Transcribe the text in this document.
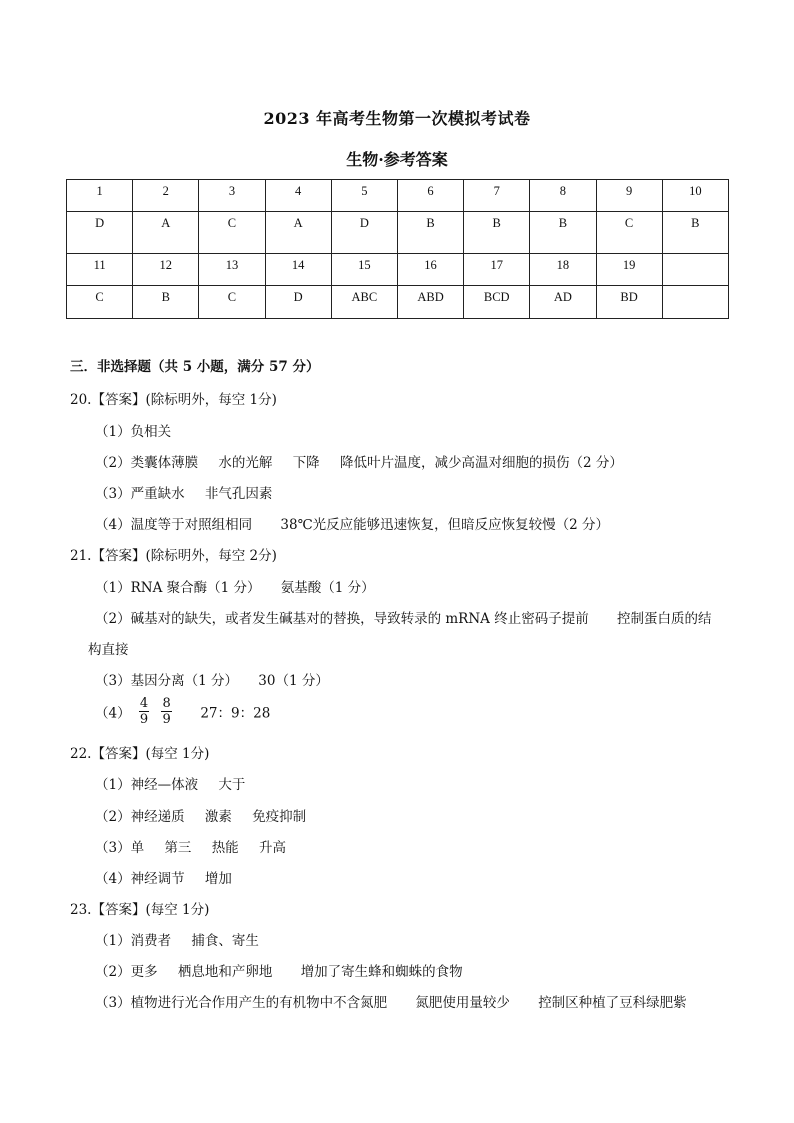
2023 年高考生物第一次模拟考试卷
生物·参考答案
1	2	3	4	5	6	7	8	9	10
D	A	C	A	D	B	B	B	C	B
11	12	13	14	15	16	17	18	19	
C	B	C	D	ABC	ABD	BCD	AD	BD	
三．非选择题（共 5 小题，满分 57 分）
20.【答案】(除标明外，每空 1分)
（1）负相关
（2）类囊体薄膜 水的光解 下降 降低叶片温度，减少高温对细胞的损伤（2 分）
（3）严重缺水 非气孔因素
（4）温度等于对照组相同 38℃光反应能够迅速恢复，但暗反应恢复较慢（2 分）
21.【答案】(除标明外，每空 2分)
（1）RNA 聚合酶（1 分） 氨基酸（1 分）
（2）碱基对的缺失，或者发生碱基对的替换，导致转录的 mRNA 终止密码子提前 控制蛋白质的结
构直接
（3）基因分离（1 分） 30（1 分）
$(4) \frac{4}{9}$
$\frac{8}{9} 27$：9：28
22.【答案】(每空 1分)
（1）神经—体液 大于
（2）神经递质 激素 免疫抑制
（3）单 第三 热能 升高
（4）神经调节 增加
23.【答案】(每空 1分)
（1）消费者 捕食、寄生
（2）更多 栖息地和产卵地 增加了寄生蜂和蜘蛛的食物
（3）植物进行光合作用产生的有机物中不含氮肥 氮肥使用量较少 控制区种植了豆科绿肥紫
